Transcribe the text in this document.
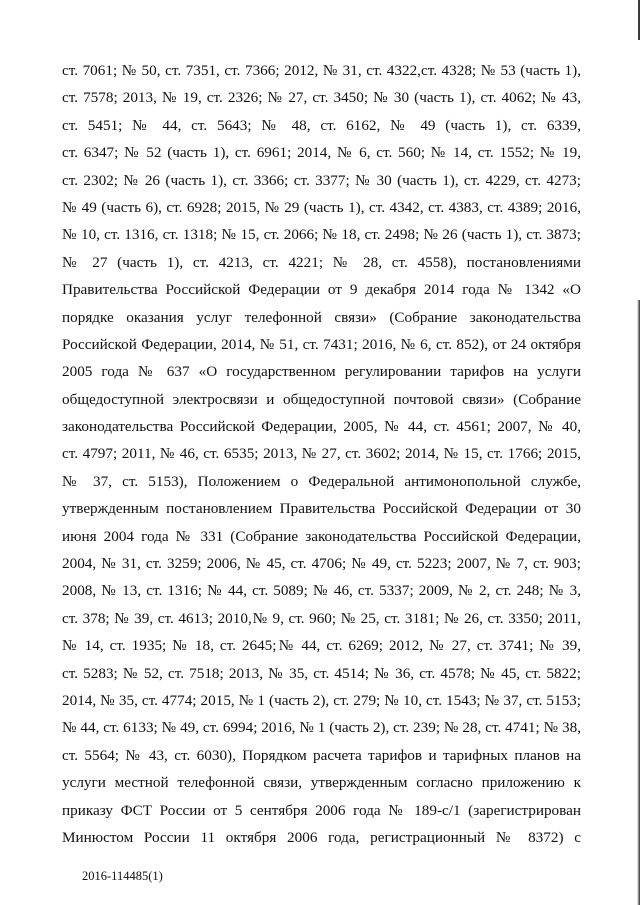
ст. 7061; № 50, ст. 7351, ст. 7366; 2012, № 31, ст. 4322,ст. 4328; № 53 (часть 1),
ст. 7578; 2013, № 19, ст. 2326; № 27, ст. 3450; № 30 (часть 1), ст. 4062; № 43,
ст. 5451; № 44, ст. 5643; № 48, ст. 6162, № 49 (часть 1), ст. 6339,
ст. 6347; № 52 (часть 1), ст. 6961; 2014, № 6, ст. 560; № 14, ст. 1552; № 19,
ст. 2302; № 26 (часть 1), ст. 3366; ст. 3377; № 30 (часть 1), ст. 4229, ст. 4273;
№ 49 (часть 6), ст. 6928; 2015, № 29 (часть 1), ст. 4342, ст. 4383, ст. 4389; 2016,
№ 10, ст. 1316, ст. 1318; № 15, ст. 2066; № 18, ст. 2498; № 26 (часть 1), ст. 3873;
№ 27 (часть 1), ст. 4213, ст. 4221; № 28, ст. 4558), постановлениями
Правительства Российской Федерации от 9 декабря 2014 года № 1342 «О
порядке оказания услуг телефонной связи» (Собрание законодательства
Российской Федерации, 2014, № 51, ст. 7431; 2016, № 6, ст. 852), от 24 октября
2005 года № 637 «О государственном регулировании тарифов на услуги
общедоступной электросвязи и общедоступной почтовой связи» (Собрание
законодательства Российской Федерации, 2005, № 44, ст. 4561; 2007, № 40,
ст. 4797; 2011, № 46, ст. 6535; 2013, № 27, ст. 3602; 2014, № 15, ст. 1766; 2015,
№ 37, ст. 5153), Положением о Федеральной антимонопольной службе,
утвержденным постановлением Правительства Российской Федерации от 30
июня 2004 года № 331 (Собрание законодательства Российской Федерации,
2004, № 31, ст. 3259; 2006, № 45, ст. 4706; № 49, ст. 5223; 2007, № 7, ст. 903;
2008, № 13, ст. 1316; № 44, ст. 5089; № 46, ст. 5337; 2009, № 2, ст. 248; № 3,
ст. 378; № 39, ст. 4613; 2010,№ 9, ст. 960; № 25, ст. 3181; № 26, ст. 3350; 2011,
№ 14, ст. 1935; № 18, ст. 2645;№ 44, ст. 6269; 2012, № 27, ст. 3741; № 39,
ст. 5283; № 52, ст. 7518; 2013, № 35, ст. 4514; № 36, ст. 4578; № 45, ст. 5822;
2014, № 35, ст. 4774; 2015, № 1 (часть 2), ст. 279; № 10, ст. 1543; № 37, ст. 5153;
№ 44, ст. 6133; № 49, ст. 6994; 2016, № 1 (часть 2), ст. 239; № 28, ст. 4741; № 38,
ст. 5564; № 43, ст. 6030), Порядком расчета тарифов и тарифных планов на
услуги местной телефонной связи, утвержденным согласно приложению к
приказу ФСТ России от 5 сентября 2006 года № 189-с/1 (зарегистрирован
Минюстом России 11 октября 2006 года, регистрационный № 8372) с
2016-114485(1)
